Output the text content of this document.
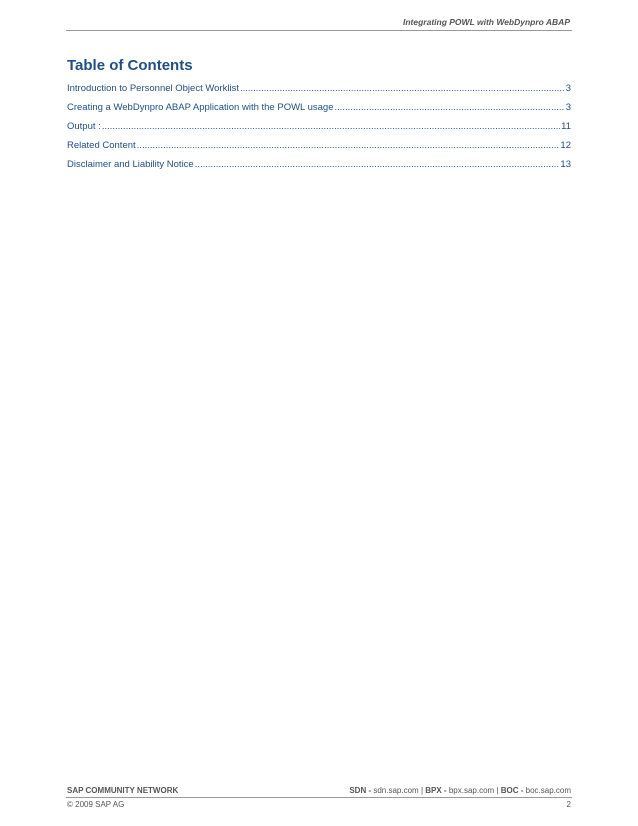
Integrating POWL with WebDynpro ABAP
Table of Contents
Introduction to Personnel Object Worklist .....	3
Creating a WebDynpro ABAP Application with the POWL usage .....	3
Output : .....	11
Related Content .....	12
Disclaimer and Liability Notice .....	13
SAP COMMUNITY NETWORK	SDN - sdn.sap.com | BPX - bpx.sap.com | BOC - boc.sap.com
© 2009 SAP AG	2
